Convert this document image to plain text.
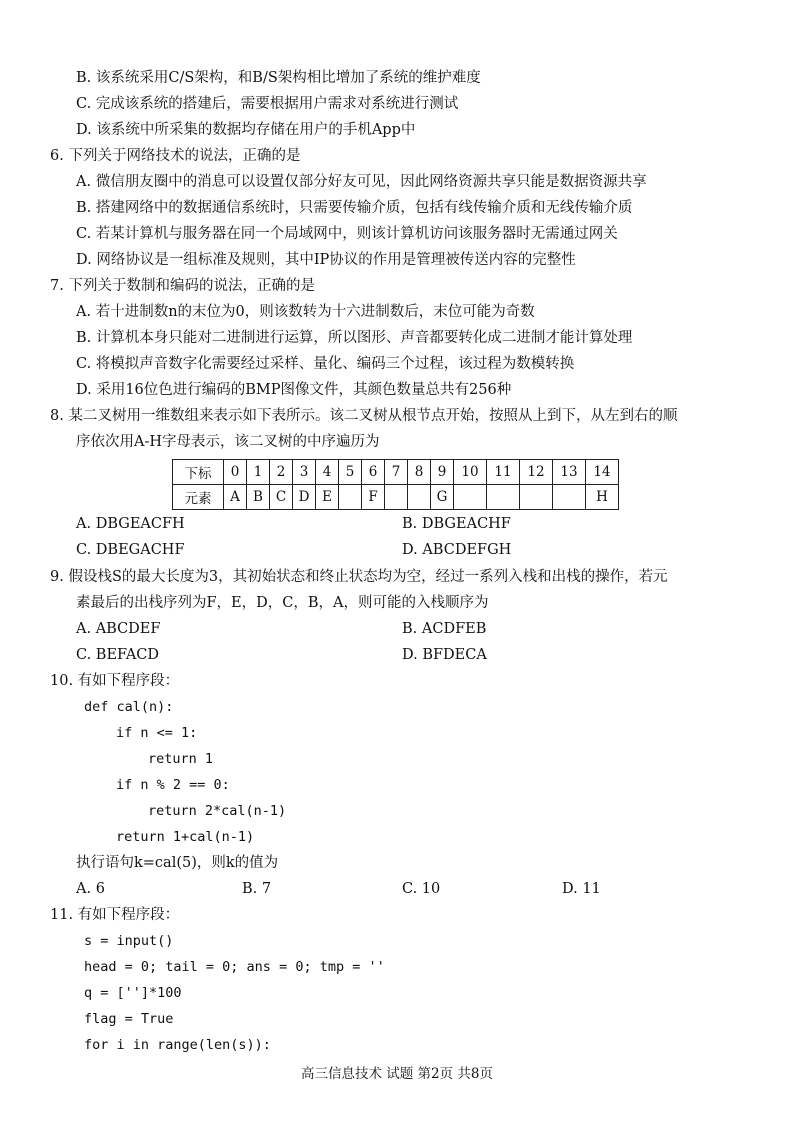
B. 该系统采用C/S架构，和B/S架构相比增加了系统的维护难度
C. 完成该系统的搭建后，需要根据用户需求对系统进行测试
D. 该系统中所采集的数据均存储在用户的手机App中
6. 下列关于网络技术的说法，正确的是
A. 微信朋友圈中的消息可以设置仅部分好友可见，因此网络资源共享只能是数据资源共享
B. 搭建网络中的数据通信系统时，只需要传输介质，包括有线传输介质和无线传输介质
C. 若某计算机与服务器在同一个局域网中，则该计算机访问该服务器时无需通过网关
D. 网络协议是一组标准及规则，其中IP协议的作用是管理被传送内容的完整性
7. 下列关于数制和编码的说法，正确的是
A. 若十进制数n的末位为0，则该数转为十六进制数后，末位可能为奇数
B. 计算机本身只能对二进制进行运算，所以图形、声音都要转化成二进制才能计算处理
C. 将模拟声音数字化需要经过采样、量化、编码三个过程，该过程为数模转换
D. 采用16位色进行编码的BMP图像文件，其颜色数量总共有256种
8. 某二叉树用一维数组来表示如下表所示。该二叉树从根节点开始，按照从上到下，从左到右的顺
序依次用A-H字母表示，该二叉树的中序遍历为
下标	0	1	2	3	4	5	6	7	8	9	10	11	12	13	14
元素	A	B	C	D	E		F			G					H
A. DBGEACFH	B. DBGEACHF
C. DBEGACHF	D. ABCDEFGH
9. 假设栈S的最大长度为3，其初始状态和终止状态均为空，经过一系列入栈和出栈的操作，若元
素最后的出栈序列为F，E，D，C，B，A，则可能的入栈顺序为
A. ABCDEF	B. ACDFEB
C. BEFACD	D. BFDECA
10. 有如下程序段：
def cal(n):
if n <= 1:
return 1
if n % 2 == 0:
return 2*cal(n-1)
return 1+cal(n-1)
执行语句k=cal(5)，则k的值为
A. 6	B. 7	C. 10	D. 11
11. 有如下程序段：
s = input()
head = 0; tail = 0; ans = 0; tmp = ''
q = ['']*100
flag = True
for i in range(len(s)):
高三信息技术 试题 第2页 共8页
